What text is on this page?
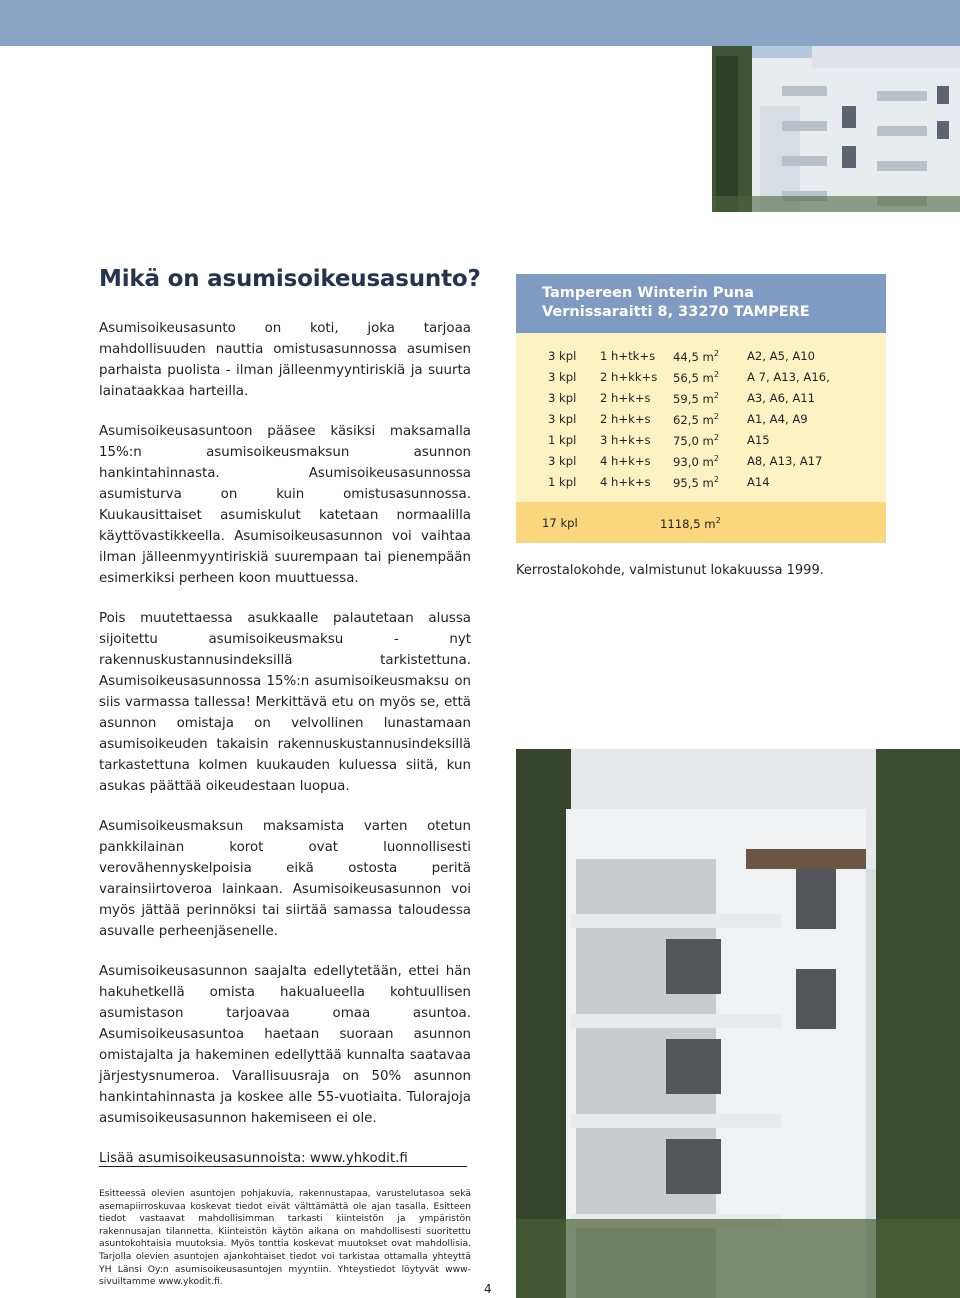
Mikä on asumisoikeusasunto?

Asumisoikeusasunto on koti, joka tarjoaa mahdollisuuden nauttia omistusasunnossa asumisen parhaista puolista - ilman jälleenmyyntiriskiä ja suurta lainataakkaa harteilla.

Asumisoikeusasuntoon pääsee käsiksi maksamalla 15%:n asumisoikeusmaksun asunnon hankintahinnasta. Asumisoikeusasunnossa asumisturva on kuin omistusasunnossa. Kuukausittaiset asumiskulut katetaan normaalilla käyttövastikkeella. Asumisoikeusasunnon voi vaihtaa ilman jälleenmyyntiriskiä suurempaan tai pienempään esimerkiksi perheen koon muuttuessa.

Pois muutettaessa asukkaalle palautetaan alussa sijoitettu asumisoikeusmaksu - nyt rakennuskustannusindeksillä tarkistettuna. Asumisoikeusasunnossa 15%:n asumisoikeusmaksu on siis varmassa tallessa! Merkittävä etu on myös se, että asunnon omistaja on velvollinen lunastamaan asumisoikeuden takaisin rakennuskustannusindeksillä tarkastettuna kolmen kuukauden kuluessa siitä, kun asukas päättää oikeudestaan luopua.

Asumisoikeusmaksun maksamista varten otetun pankkilainan korot ovat luonnollisesti verovähennyskelpoisia eikä ostosta peritä varainsiirtoveroa lainkaan. Asumisoikeusasunnon voi myös jättää perinnöksi tai siirtää samassa taloudessa asuvalle perheenjäsenelle.

Asumisoikeusasunnon saajalta edellytetään, ettei hän hakuhetkellä omista hakualueella kohtuullisen asumistason tarjoavaa omaa asuntoa. Asumisoikeusasuntoa haetaan suoraan asunnon omistajalta ja hakeminen edellyttää kunnalta saatavaa järjestysnumeroa. Varallisuusraja on 50% asunnon hankintahinnasta ja koskee alle 55-vuotiaita. Tulorajoja asumisoikeusasunnon hakemiseen ei ole.

Lisää asumisoikeusasunnoista: www.yhkodit.fi

Esitteessä olevien asuntojen pohjakuvia, rakennustapaa, varustelutasoa sekä asemapiirroskuvaa koskevat tiedot eivät välttämättä ole ajan tasalla. Esitteen tiedot vastaavat mahdollisimman tarkasti kiinteistön ja ympäristön rakennusajan tilannetta. Kiinteistön käytön aikana on mahdollisesti suoritettu asuntokohtaisia muutoksia. Myös tonttia koskevat muutokset ovat mahdollisia. Tarjolla olevien asuntojen ajankohtaiset tiedot voi tarkistaa ottamalla yhteyttä YH Länsi Oy:n asumisoikeusasuntojen myyntiin. Yhteystiedot löytyvät www-sivuiltamme www.ykodit.fi.

4
Tampereen Winterin Puna
Vernissaraitti 8, 33270 TAMPERE
3 kpl	1 h+tk+s	44,5 $m^2$	A2, A5, A10
3 kpl	2 h+kk+s	56,5 $m^2$	A 7, A13, A16,
3 kpl	2 h+k+s	59,5 $m^2$	A3, A6, A11
3 kpl	2 h+k+s	62,5 $m^2$	A1, A4, A9
1 kpl	3 h+k+s	75,0 $m^2$	A15
3 kpl	4 h+k+s	93,0 $m^2$	A8, A13, A17
1 kpl	4 h+k+s	95,5 $m^2$	A14
17 kpl	1118,5 $m^2$

Kerrostalokohde, valmistunut lokakuussa 1999.
